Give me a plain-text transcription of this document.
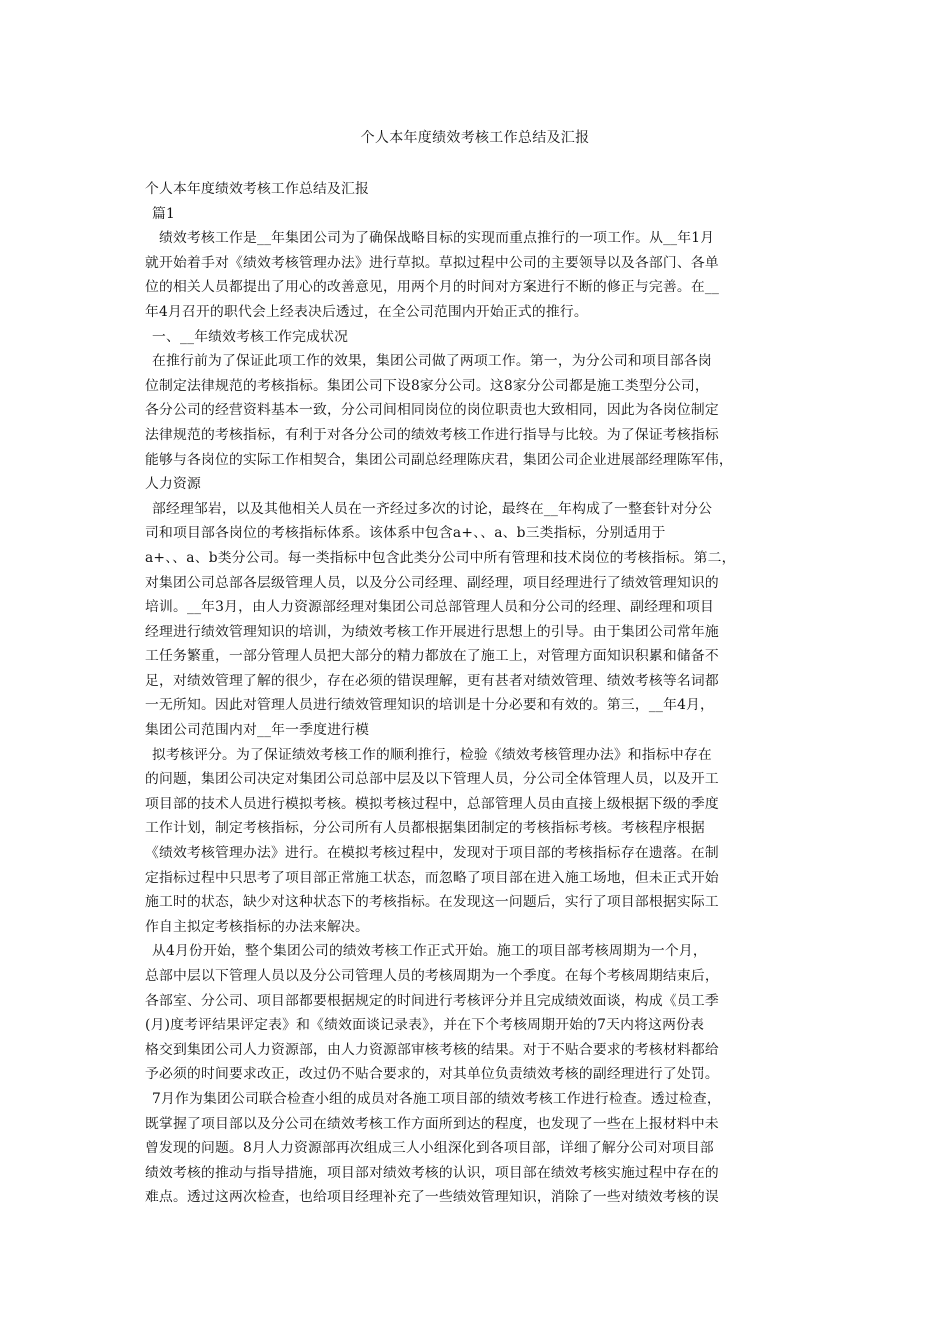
个人本年度绩效考核工作总结及汇报
个人本年度绩效考核工作总结及汇报
篇1
绩效考核工作是__年集团公司为了确保战略目标的实现而重点推行的一项工作。从__年1月
就开始着手对《绩效考核管理办法》进行草拟。草拟过程中公司的主要领导以及各部门、各单
位的相关人员都提出了用心的改善意见，用两个月的时间对方案进行不断的修正与完善。在__
年4月召开的职代会上经表决后透过，在全公司范围内开始正式的推行。
一、__年绩效考核工作完成状况
在推行前为了保证此项工作的效果，集团公司做了两项工作。第一，为分公司和项目部各岗
位制定法律规范的考核指标。集团公司下设8家分公司。这8家分公司都是施工类型分公司，
各分公司的经营资料基本一致，分公司间相同岗位的岗位职责也大致相同，因此为各岗位制定
法律规范的考核指标，有利于对各分公司的绩效考核工作进行指导与比较。为了保证考核指标
能够与各岗位的实际工作相契合，集团公司副总经理陈庆君，集团公司企业进展部经理陈军伟，
人力资源
部经理邹岩，以及其他相关人员在一齐经过多次的讨论，最终在__年构成了一整套针对分公
司和项目部各岗位的考核指标体系。该体系中包含a+、、a、b三类指标，分别适用于
a+、、a、b类分公司。每一类指标中包含此类分公司中所有管理和技术岗位的考核指标。第二，
对集团公司总部各层级管理人员，以及分公司经理、副经理，项目经理进行了绩效管理知识的
培训。__年3月，由人力资源部经理对集团公司总部管理人员和分公司的经理、副经理和项目
经理进行绩效管理知识的培训，为绩效考核工作开展进行思想上的引导。由于集团公司常年施
工任务繁重，一部分管理人员把大部分的精力都放在了施工上，对管理方面知识积累和储备不
足，对绩效管理了解的很少，存在必须的错误理解，更有甚者对绩效管理、绩效考核等名词都
一无所知。因此对管理人员进行绩效管理知识的培训是十分必要和有效的。第三，__年4月，
集团公司范围内对__年一季度进行模
拟考核评分。为了保证绩效考核工作的顺利推行，检验《绩效考核管理办法》和指标中存在
的问题，集团公司决定对集团公司总部中层及以下管理人员，分公司全体管理人员，以及开工
项目部的技术人员进行模拟考核。模拟考核过程中，总部管理人员由直接上级根据下级的季度
工作计划，制定考核指标，分公司所有人员都根据集团制定的考核指标考核。考核程序根据
《绩效考核管理办法》进行。在模拟考核过程中，发现对于项目部的考核指标存在遗落。在制
定指标过程中只思考了项目部正常施工状态，而忽略了项目部在进入施工场地，但未正式开始
施工时的状态，缺少对这种状态下的考核指标。在发现这一问题后，实行了项目部根据实际工
作自主拟定考核指标的办法来解决。
从4月份开始，整个集团公司的绩效考核工作正式开始。施工的项目部考核周期为一个月，
总部中层以下管理人员以及分公司管理人员的考核周期为一个季度。在每个考核周期结束后，
各部室、分公司、项目部都要根据规定的时间进行考核评分并且完成绩效面谈，构成《员工季
(月)度考评结果评定表》和《绩效面谈记录表》，并在下个考核周期开始的7天内将这两份表
格交到集团公司人力资源部，由人力资源部审核考核的结果。对于不贴合要求的考核材料都给
予必须的时间要求改正，改过仍不贴合要求的，对其单位负责绩效考核的副经理进行了处罚。
7月作为集团公司联合检查小组的成员对各施工项目部的绩效考核工作进行检查。透过检查，
既掌握了项目部以及分公司在绩效考核工作方面所到达的程度，也发现了一些在上报材料中未
曾发现的问题。8月人力资源部再次组成三人小组深化到各项目部，详细了解分公司对项目部
绩效考核的推动与指导措施，项目部对绩效考核的认识，项目部在绩效考核实施过程中存在的
难点。透过这两次检查，也给项目经理补充了一些绩效管理知识，消除了一些对绩效考核的误
